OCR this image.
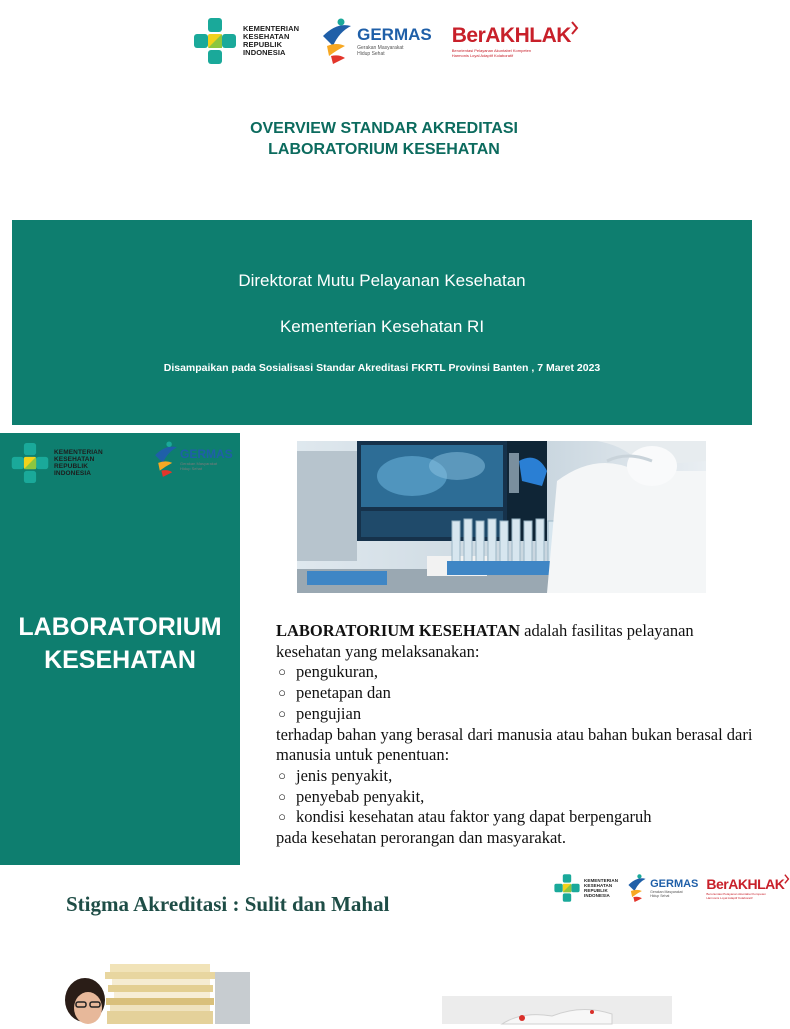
KEMENTERIAN
KESEHATAN
REPUBLIK
INDONESIA
GERMAS
Gerakan Masyarakat
Hidup Sehat
BerAKHLAK
Berorientasi Pelayanan Akuntabel Kompeten
Harmonis Loyal Adaptif Kolaboratif
OVERVIEW STANDAR AKREDITASI
LABORATORIUM KESEHATAN
Direktorat Mutu Pelayanan Kesehatan
Kementerian Kesehatan RI
Disampaikan pada Sosialisasi Standar Akreditasi FKRTL Provinsi Banten , 7 Maret 2023
KEMENTERIAN
KESEHATAN
REPUBLIK
INDONESIA
GERMAS
Gerakan Masyarakat
Hidup Sehat
LABORATORIUM
KESEHATAN
LABORATORIUM KESEHATAN adalah fasilitas pelayanan kesehatan yang melaksanakan:
○ pengukuran,
○ penetapan dan
○ pengujian
terhadap bahan yang berasal dari manusia atau bahan bukan berasal dari manusia untuk penentuan:
○ jenis penyakit,
○ penyebab penyakit,
○ kondisi kesehatan atau faktor yang dapat berpengaruh
pada kesehatan perorangan dan masyarakat.
Stigma Akreditasi : Sulit dan Mahal
KEMENTERIAN
KESEHATAN
REPUBLIK
INDONESIA
GERMAS
Gerakan Masyarakat
Hidup Sehat
BerAKHLAK
Berorientasi Pelayanan Akuntabel Kompeten
Harmonis Loyal Adaptif Kolaboratif
